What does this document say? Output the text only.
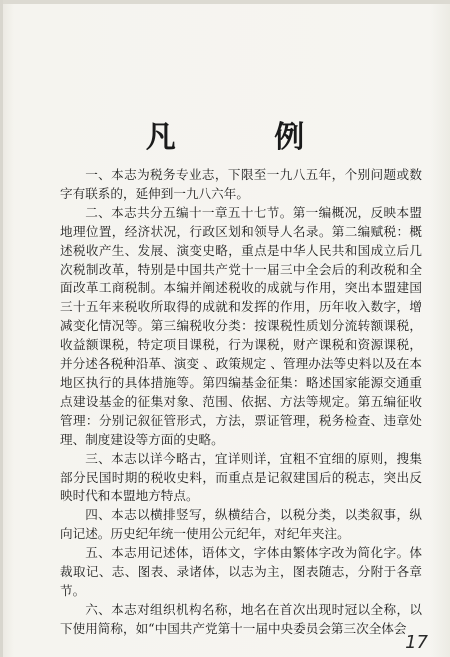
凡 例

一、本志为税务专业志，下限至一九八五年，个别问题或数字有联系的，延伸到一九八六年。

二、本志共分五编十一章五十七节。第一编概况，反映本盟地理位置，经济状况，行政区划和领导人名录。第二编赋税：概述税收产生、发展、演变史略，重点是中华人民共和国成立后几次税制改革，特别是中国共产党十一届三中全会后的利改税和全面改革工商税制。本编并阐述税收的成就与作用，突出本盟建国三十五年来税收所取得的成就和发挥的作用，历年收入数字，增减变化情况等。第三编税收分类：按课税性质划分流转额课税，收益额课税，特定项目课税，行为课税，财产课税和资源课税，并分述各税种沿革、演变 、政策规定 、管理办法等史料以及在本地区执行的具体措施等。第四编基金征集：略述国家能源交通重点建设基金的征集对象、范围、依据、方法等规定。第五编征收管理：分别记叙征管形式，方法，票证管理，税务检查、违章处理、制度建设等方面的史略。

三、本志以详今略古，宜详则详，宜粗不宜细的原则，搜集部分民国时期的税收史料，而重点是记叙建国后的税志，突出反映时代和本盟地方特点。

四、本志以横排竖写，纵横结合，以税分类，以类叙事，纵向记述。历史纪年统一使用公元纪年，对纪年夹注。

五、本志用记述体，语体文，字体由繁体字改为简化字。体裁取记、志、图表、录诸体，以志为主，图表随志，分附于各章节。

六、本志对组织机构名称，地名在首次出现时冠以全称，以下使用简称，如“中国共产党第十一届中央委员会第三次全体会

17
